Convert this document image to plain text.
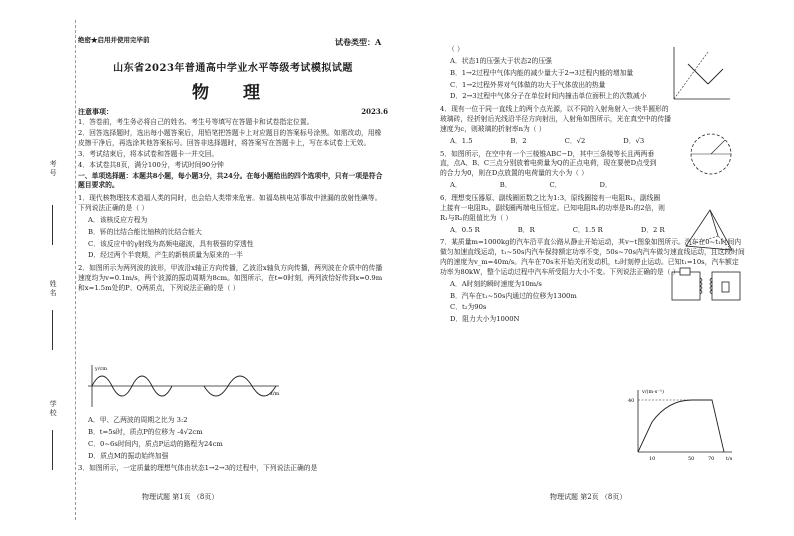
考号
姓名
学校
绝密★启用并使用完毕前	试卷类型：A
山东省2023年普通高中学业水平等级考试模拟试题
物 理
注意事项：	2023.6
1．答卷前，考生务必将自己的姓名、考生号等填写在答题卡和试卷指定位置。
2．回答选择题时，选出每小题答案后，用铅笔把答题卡上对应题目的答案标号涂黑。如需改动，用橡皮擦干净后，再选涂其他答案标号。回答非选择题时，将答案写在答题卡上，写在本试卷上无效。
3．考试结束后，将本试卷和答题卡一并交回。
4．本试卷共8页，满分100分，考试时间90分钟
一、单项选择题：本题共8小题，每小题3分，共24分。在每小题给出的四个选项中，只有一项是符合题目要求的。
1．现代核物理技术造福人类的同时，也会给人类带来危害。如福岛核电站事故中泄漏的放射性碘等。下列说法正确的是（ ）
A．该核反应方程为
B．钚的比结合能比铀核的比结合能大
C．该反应中的γ射线为高频电磁波，具有极强的穿透性
D．经过两个半衰期，产生的新核质量为原来的一半
2．如图所示为两列波的波形，甲波沿x轴正方向传播，乙波沿x轴负方向传播，两列波在介质中的传播速度均为v=0.1m/s，两个波源的振动周期为8cm。如图所示，在t=0时刻，两列波恰好传到x=0.9m和x=1.5m处的P、Q两质点，下列说法正确的是（ ）
x/m
y/cm
A．甲、乙两波的周期之比为 3:2
B．t=5s时，质点P的位移为 -4√2cm
C．0~6s时间内，质点P运动的路程为24cm
D．质点M的振动始终加强
3．如图所示，一定质量的理想气体由状态1→2→3的过程中，下列说法正确的是
物理试题 第1页 （8页）
（ ）
A．状态1的压强大于状态2的压强
B．1→2过程中气体内能的减少量大于2→3过程内能的增加量
C．1→2过程外界对气体做的功大于气体放出的热量
D．2→3过程中气体分子在单位时间内撞击单位面积上的次数减小
4．现有一位于同一直线上的两个点光源，以不同的入射角射入一块半圆形的玻璃砖，经折射后光线沿半径方向射出，入射角如图所示，光在真空中的传播速度为c，则玻璃的折射率n为（ ）
A．1.5	B．2	C．√2	D．√3
5．如图所示，在空中有一个三棱锥ABC−D，其中三条棱等长且两两垂直，点A、B、C三点分别放着电荷量为Q的正点电荷，现在要使D点受到的合力为0，则在D点放置的电荷量的大小为（ ）
A．	B．	C．	D．
6．理想变压器原、副线圈匝数之比为1:3，原线圈接有一电阻R₁，副线圈上接有一电阻R₂，副线圈两端电压恒定。已知电阻R₁的功率是R₂的2倍，则R₁与R₂的阻值比为（ ）
A．0.5 R	B．R	C．1.5 R	D．2 R
7．某质量m=1000kg的汽车沿平直公路从静止开始运动，其v−t图象如图所示。汽车在0~t₁时间内做匀加速直线运动，t₁~50s内汽车保持额定功率不变，50s~70s内汽车做匀速直线运动，且这段时间内的速度为v_m=40m/s。汽车在70s末开始关闭发动机，t₂时刻停止运动。已知t₁=10s，汽车额定功率为80kW，整个运动过程中汽车所受阻力大小不变。下列说法正确的是（ ）
A．A时刻的瞬时速度为10m/s
B．汽车在t₁~50s内通过的位移为1300m
C．t₂为90s
D．阻力大小为1000N
40
v/(m·s⁻¹)
t/s
10	50	70
物理试题 第2页 （8页）
